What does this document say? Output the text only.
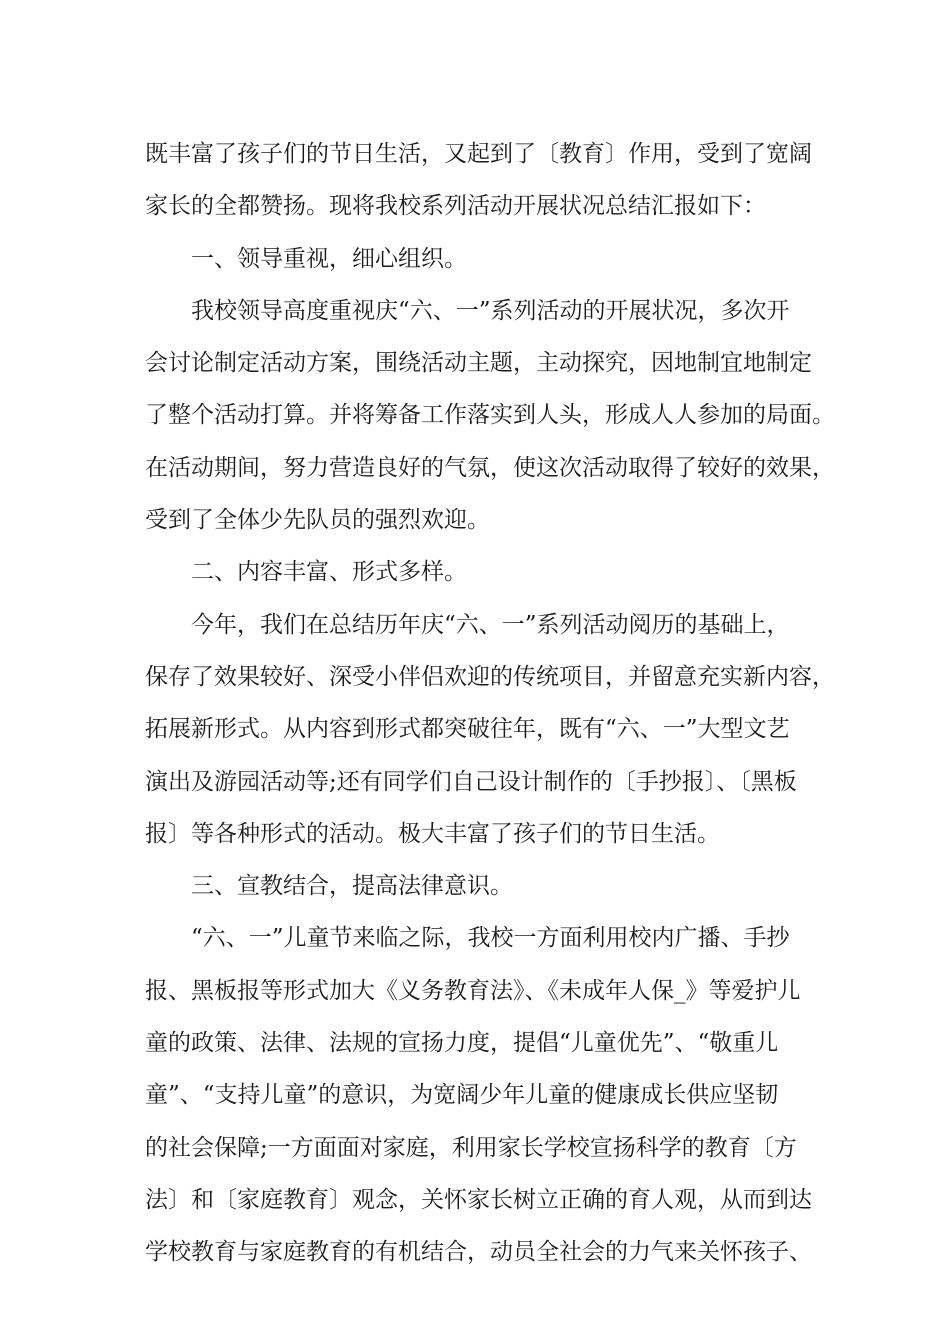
既丰富了孩子们的节日生活，又起到了〔教育〕作用，受到了宽阔
家长的全都赞扬。现将我校系列活动开展状况总结汇报如下：
一、领导重视，细心组织。
我校领导高度重视庆“六、一”系列活动的开展状况，多次开
会讨论制定活动方案，围绕活动主题，主动探究，因地制宜地制定
了整个活动打算。并将筹备工作落实到人头，形成人人参加的局面。
在活动期间，努力营造良好的气氛，使这次活动取得了较好的效果，
受到了全体少先队员的强烈欢迎。
二、内容丰富、形式多样。
今年，我们在总结历年庆“六、一”系列活动阅历的基础上，
保存了效果较好、深受小伴侣欢迎的传统项目，并留意充实新内容，
拓展新形式。从内容到形式都突破往年，既有“六、一”大型文艺
演出及游园活动等;还有同学们自己设计制作的〔手抄报〕、〔黑板
报〕等各种形式的活动。极大丰富了孩子们的节日生活。
三、宣教结合，提高法律意识。
“六、一”儿童节来临之际，我校一方面利用校内广播、手抄
报、黑板报等形式加大《义务教育法》、《未成年人保_》等爱护儿
童的政策、法律、法规的宣扬力度，提倡“儿童优先”、“敬重儿
童”、“支持儿童”的意识，为宽阔少年儿童的健康成长供应坚韧
的社会保障;一方面面对家庭，利用家长学校宣扬科学的教育〔方
法〕和〔家庭教育〕观念，关怀家长树立正确的育人观，从而到达
学校教育与家庭教育的有机结合，动员全社会的力气来关怀孩子、
